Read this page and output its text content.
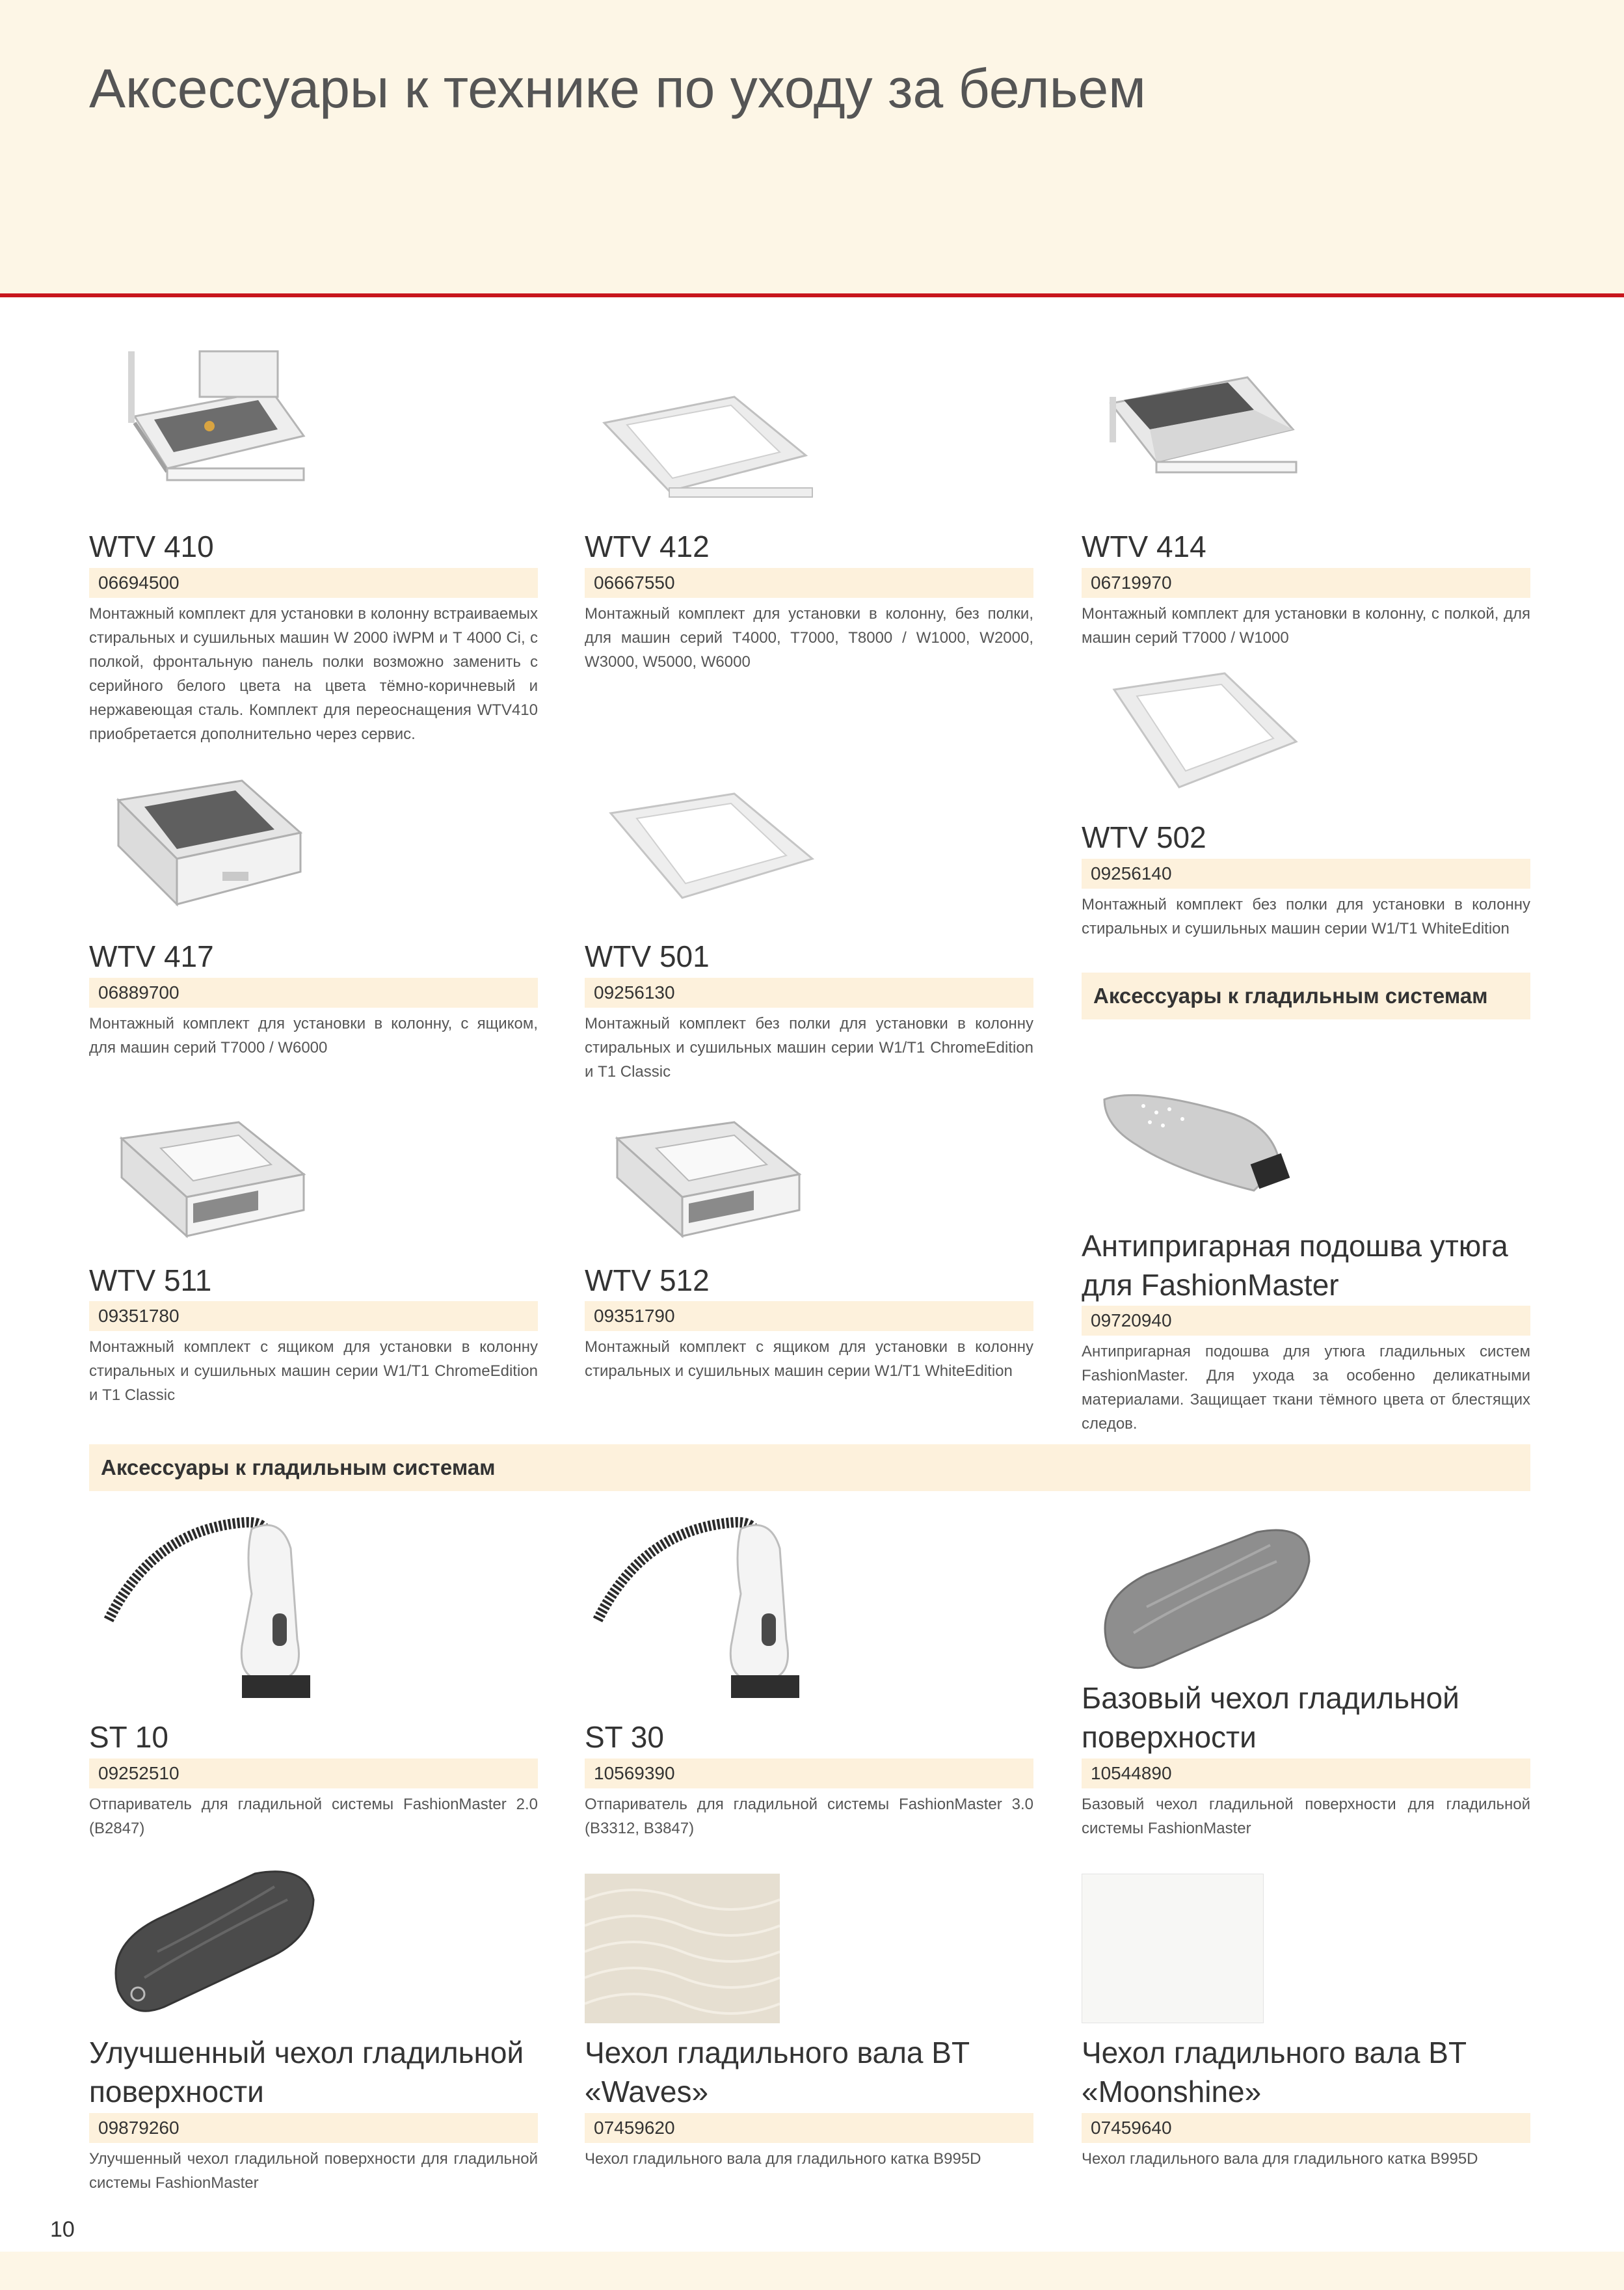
Аксессуары к технике по уходу за бельем
WTV 410
06694500
Монтажный комплект для установки в колонну встраиваемых стиральных и сушильных машин W 2000 iWPM и T 4000 Ci, с полкой, фронтальную панель полки возможно заменить с серийного белого цвета на цвета тёмно-коричневый и нержавеющая сталь. Комплект для переоснащения WTV410 приобретается дополнительно через сервис.
WTV 412
06667550
Монтажный комплект для установки в колонну, без полки, для машин серий T4000, T7000, T8000 / W1000, W2000, W3000, W5000, W6000
WTV 414
06719970
Монтажный комплект для установки в колонну, с полкой, для машин серий T7000 / W1000
WTV 502
09256140
Монтажный комплект без полки для установки в колонну стиральных и сушильных машин серии W1/T1 WhiteEdition
WTV 417
06889700
Монтажный комплект для установки в колонну, с ящиком, для машин серий T7000 / W6000
WTV 501
09256130
Монтажный комплект без полки для установки в колонну стиральных и сушильных машин серии W1/T1 ChromeEdition и T1 Classic
Аксессуары к гладильным системам
Антипригарная подошва утюга для FashionMaster
09720940
Антипригарная подошва для утюга гладильных систем FashionMaster. Для ухода за особенно деликатными материалами. Защищает ткани тёмного цвета от блестящих следов.
WTV 511
09351780
Монтажный комплект с ящиком для установки в колонну стиральных и сушильных машин серии W1/T1 ChromeEdition и T1 Classic
WTV 512
09351790
Монтажный комплект с ящиком для установки в колонну стиральных и сушильных машин серии W1/T1 WhiteEdition
Аксессуары к гладильным системам
ST 10
09252510
Отпариватель для гладильной системы FashionMaster 2.0 (B2847)
ST 30
10569390
Отпариватель для гладильной системы FashionMaster 3.0 (B3312, B3847)
Базовый чехол гладильной поверхности
10544890
Базовый чехол гладильной поверхности для гладильной системы FashionMaster
Улучшенный чехол гладильной поверхности
09879260
Улучшенный чехол гладильной поверхности для гладильной системы FashionMaster
Чехол гладильного вала BT «Waves»
07459620
Чехол гладильного вала для гладильного катка B995D
Чехол гладильного вала BT «Moonshine»
07459640
Чехол гладильного вала для гладильного катка B995D
10
